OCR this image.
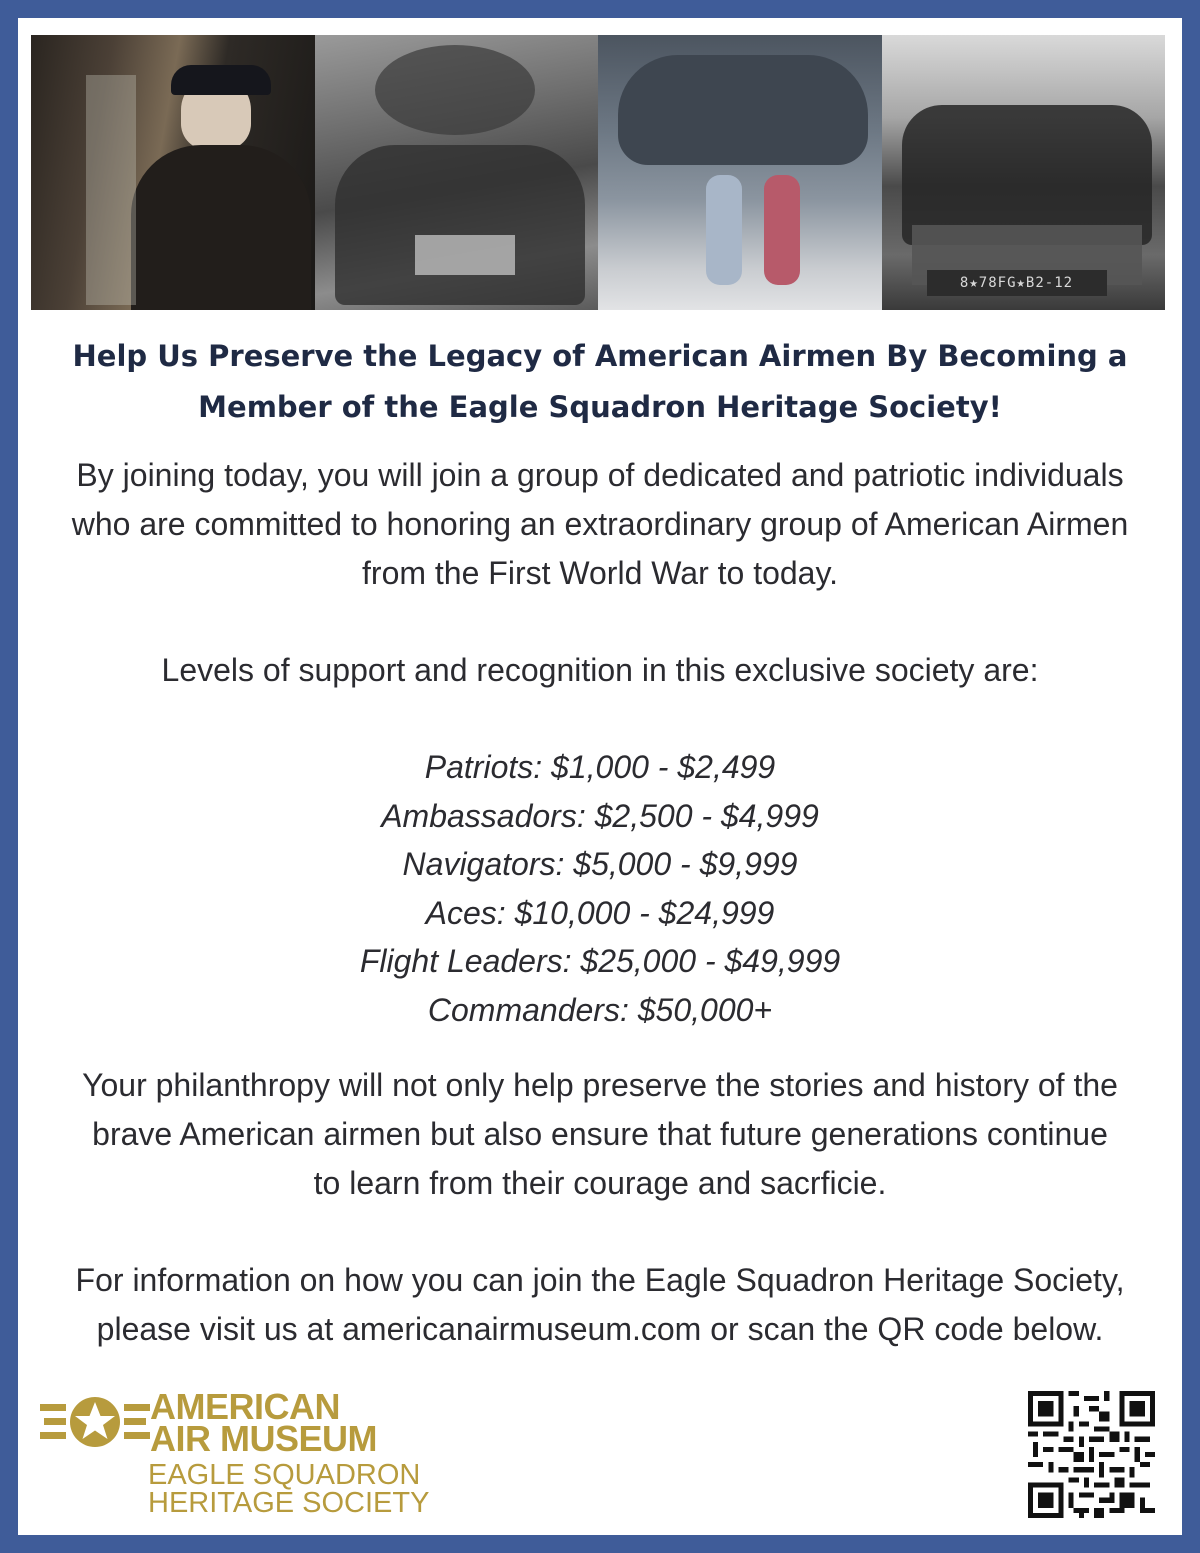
8★78FG★B2-12
Help Us Preserve the Legacy of American Airmen By Becoming a
Member of the Eagle Squadron Heritage Society!
By joining today, you will join a group of dedicated and patriotic individuals
who are committed to honoring an extraordinary group of American Airmen
from the First World War to today.
Levels of support and recognition in this exclusive society are:
Patriots: $1,000 - $2,499
Ambassadors: $2,500 - $4,999
Navigators: $5,000 - $9,999
Aces: $10,000 - $24,999
Flight Leaders: $25,000 - $49,999
Commanders: $50,000+
Your philanthropy will not only help preserve the stories and history of the
brave American airmen but also ensure that future generations continue
to learn from their courage and sacrficie.
For information on how you can join the Eagle Squadron Heritage Society,
please visit us at americanairmuseum.com or scan the QR code below.
AMERICAN
AIR MUSEUM
EAGLE SQUADRON
HERITAGE SOCIETY
